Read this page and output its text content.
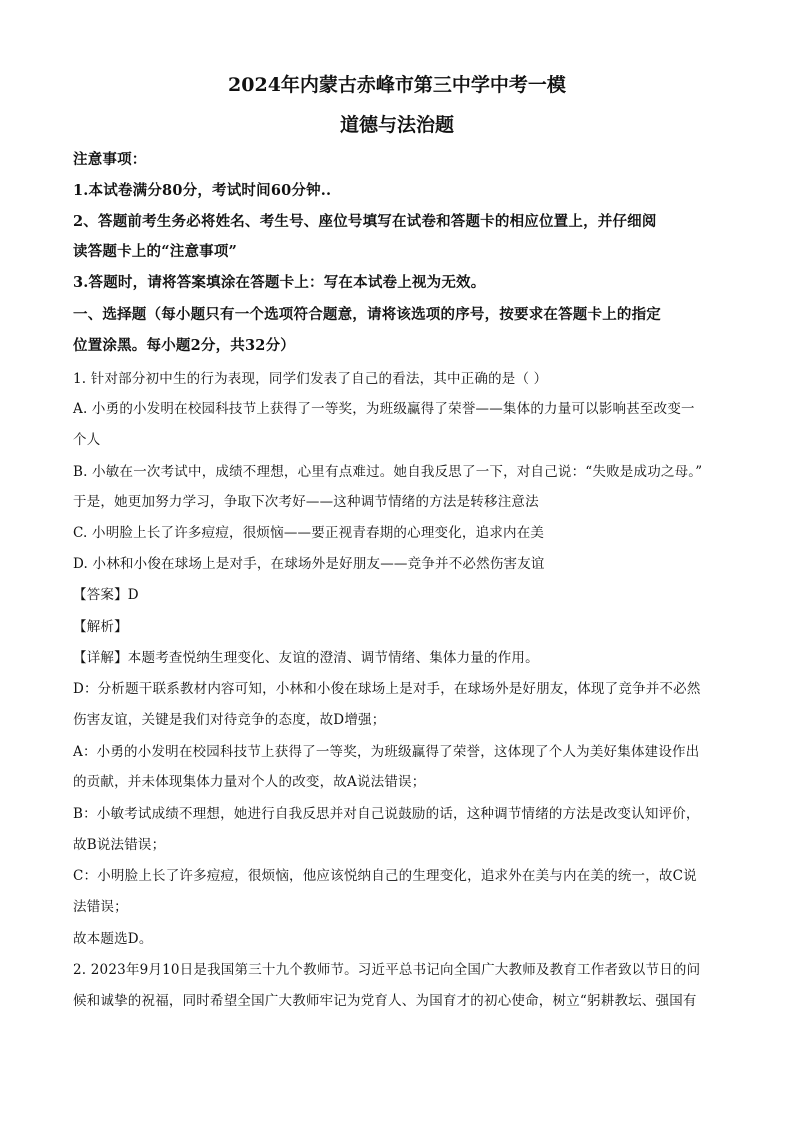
2024年内蒙古赤峰市第三中学中考一模
道德与法治题
注意事项：
1.本试卷满分80分，考试时间60分钟..
2、答题前考生务必将姓名、考生号、座位号填写在试卷和答题卡的相应位置上，并仔细阅
读答题卡上的“注意事项”
3.答题时，请将答案填涂在答题卡上：写在本试卷上视为无效。
一、选择题（每小题只有一个选项符合题意，请将该选项的序号，按要求在答题卡上的指定
位置涂黑。每小题2分，共32分）
1. 针对部分初中生的行为表现，同学们发表了自己的看法，其中正确的是（ ）
A. 小勇的小发明在校园科技节上获得了一等奖，为班级赢得了荣誉——集体的力量可以影响甚至改变一
个人
B. 小敏在一次考试中，成绩不理想，心里有点难过。她自我反思了一下，对自己说：“失败是成功之母。”
于是，她更加努力学习，争取下次考好——这种调节情绪的方法是转移注意法
C. 小明脸上长了许多痘痘，很烦恼——要正视青春期的心理变化，追求内在美
D. 小林和小俊在球场上是对手，在球场外是好朋友——竞争并不必然伤害友谊
【答案】D
【解析】
【详解】本题考查悦纳生理变化、友谊的澄清、调节情绪、集体力量的作用。
D：分析题干联系教材内容可知，小林和小俊在球场上是对手，在球场外是好朋友，体现了竞争并不必然
伤害友谊，关键是我们对待竞争的态度，故D增强；
A：小勇的小发明在校园科技节上获得了一等奖，为班级赢得了荣誉，这体现了个人为美好集体建设作出
的贡献，并未体现集体力量对个人的改变，故A说法错误；
B：小敏考试成绩不理想，她进行自我反思并对自己说鼓励的话，这种调节情绪的方法是改变认知评价，
故B说法错误；
C：小明脸上长了许多痘痘，很烦恼，他应该悦纳自己的生理变化，追求外在美与内在美的统一，故C说
法错误；
故本题选D。
2. 2023年9月10日是我国第三十九个教师节。习近平总书记向全国广大教师及教育工作者致以节日的问
候和诚挚的祝福，同时希望全国广大教师牢记为党育人、为国育才的初心使命，树立“躬耕教坛、强国有
